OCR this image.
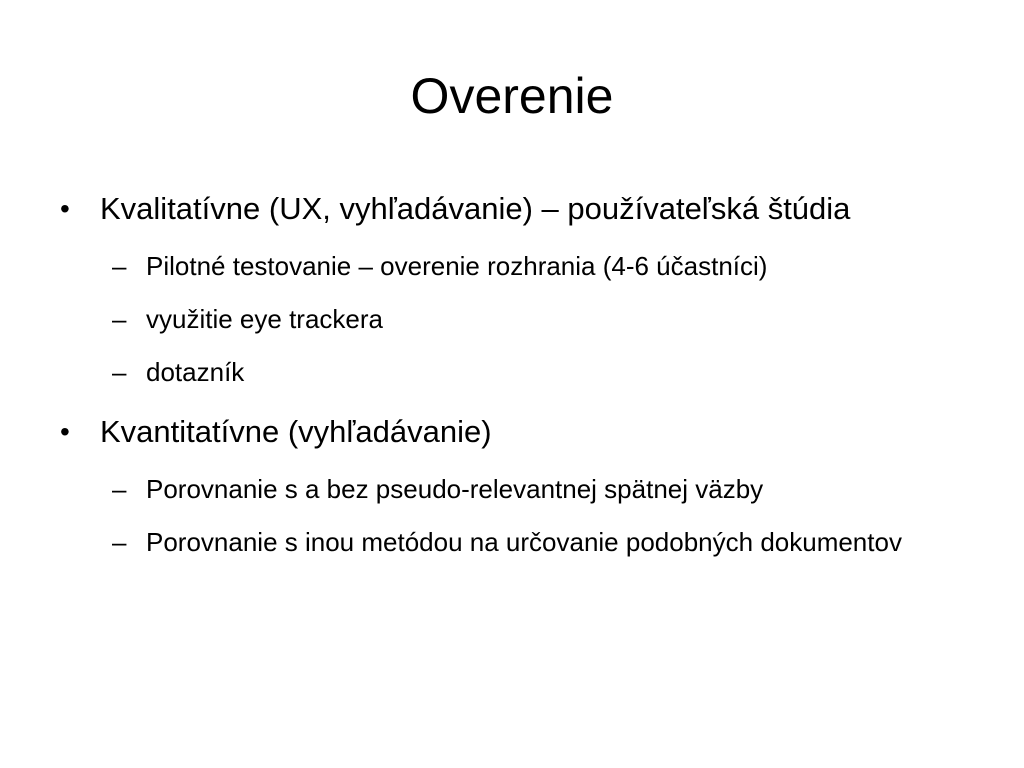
Overenie
• Kvalitatívne (UX, vyhľadávanie) – používateľská štúdia
– Pilotné testovanie – overenie rozhrania (4-6 účastníci)
– využitie eye trackera
– dotazník
• Kvantitatívne (vyhľadávanie)
– Porovnanie s a bez pseudo-relevantnej spätnej väzby
– Porovnanie s inou metódou na určovanie podobných dokumentov
